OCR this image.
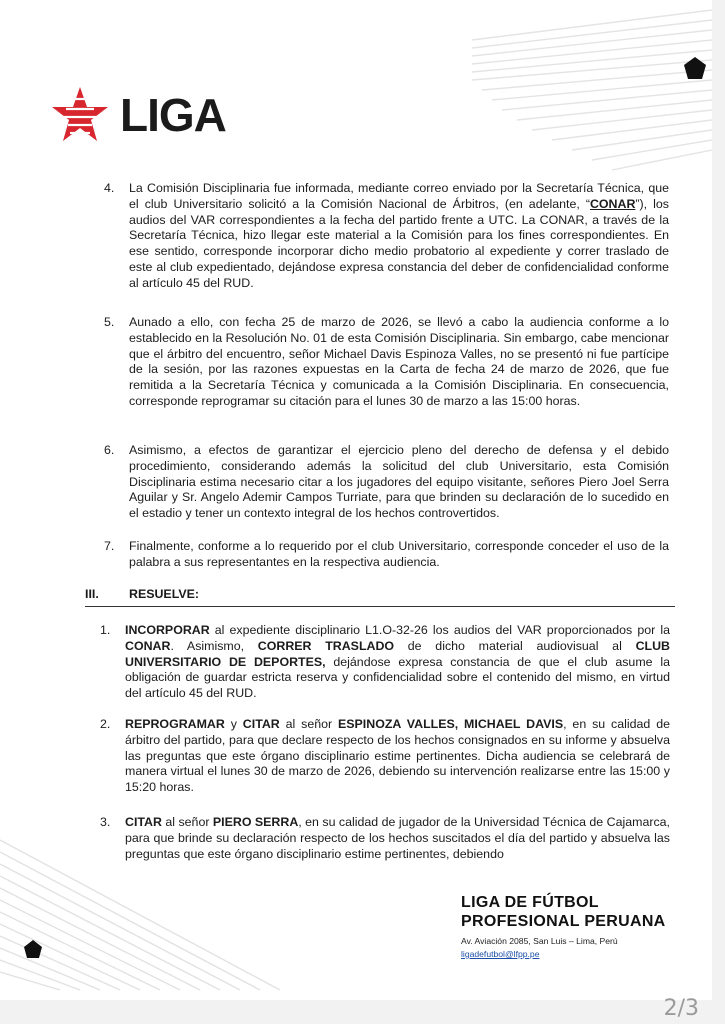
LIGA
4. La Comisión Disciplinaria fue informada, mediante correo enviado por la Secretaría Técnica, que el club Universitario solicitó a la Comisión Nacional de Árbitros, (en adelante, “CONAR”), los audios del VAR correspondientes a la fecha del partido frente a UTC. La CONAR, a través de la Secretaría Técnica, hizo llegar este material a la Comisión para los fines correspondientes. En ese sentido, corresponde incorporar dicho medio probatorio al expediente y correr traslado de este al club expedientado, dejándose expresa constancia del deber de confidencialidad conforme al artículo 45 del RUD.
5. Aunado a ello, con fecha 25 de marzo de 2026, se llevó a cabo la audiencia conforme a lo establecido en la Resolución No. 01 de esta Comisión Disciplinaria. Sin embargo, cabe mencionar que el árbitro del encuentro, señor Michael Davis Espinoza Valles, no se presentó ni fue partícipe de la sesión, por las razones expuestas en la Carta de fecha 24 de marzo de 2026, que fue remitida a la Secretaría Técnica y comunicada a la Comisión Disciplinaria. En consecuencia, corresponde reprogramar su citación para el lunes 30 de marzo a las 15:00 horas.
6. Asimismo, a efectos de garantizar el ejercicio pleno del derecho de defensa y el debido procedimiento, considerando además la solicitud del club Universitario, esta Comisión Disciplinaria estima necesario citar a los jugadores del equipo visitante, señores Piero Joel Serra Aguilar y Sr. Angelo Ademir Campos Turriate, para que brinden su declaración de lo sucedido en el estadio y tener un contexto integral de los hechos controvertidos.
7. Finalmente, conforme a lo requerido por el club Universitario, corresponde conceder el uso de la palabra a sus representantes en la respectiva audiencia.
III. RESUELVE:
1. INCORPORAR al expediente disciplinario L1.O-32-26 los audios del VAR proporcionados por la CONAR. Asimismo, CORRER TRASLADO de dicho material audiovisual al CLUB UNIVERSITARIO DE DEPORTES, dejándose expresa constancia de que el club asume la obligación de guardar estricta reserva y confidencialidad sobre el contenido del mismo, en virtud del artículo 45 del RUD.
2. REPROGRAMAR y CITAR al señor ESPINOZA VALLES, MICHAEL DAVIS, en su calidad de árbitro del partido, para que declare respecto de los hechos consignados en su informe y absuelva las preguntas que este órgano disciplinario estime pertinentes. Dicha audiencia se celebrará de manera virtual el lunes 30 de marzo de 2026, debiendo su intervención realizarse entre las 15:00 y 15:20 horas.
3. CITAR al señor PIERO SERRA, en su calidad de jugador de la Universidad Técnica de Cajamarca, para que brinde su declaración respecto de los hechos suscitados el día del partido y absuelva las preguntas que este órgano disciplinario estime pertinentes, debiendo
LIGA DE FÚTBOL
PROFESIONAL PERUANA
Av. Aviación 2085, San Luis – Lima, Perú
ligadefutbol@lfpp.pe
2/3
